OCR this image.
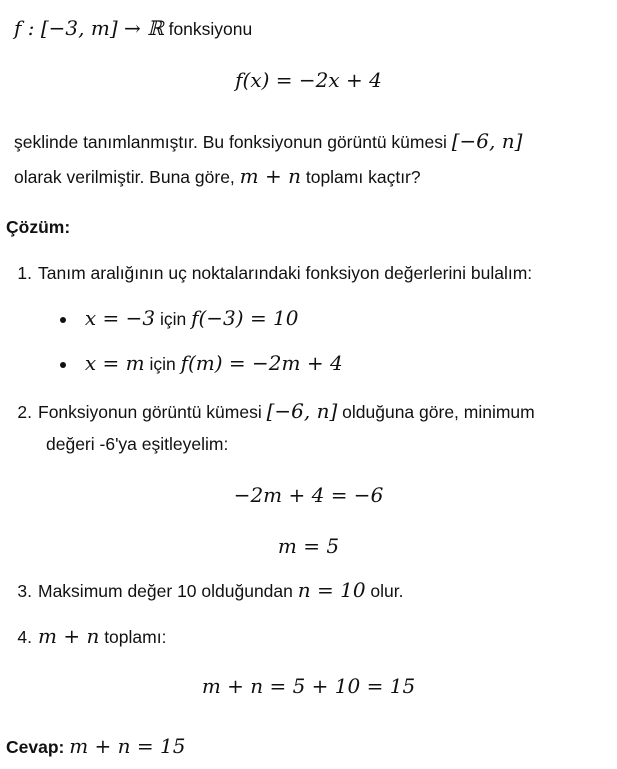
f : [−3, m] → ℝ fonksiyonu
f(x) = −2x + 4
şeklinde tanımlanmıştır. Bu fonksiyonun görüntü kümesi [−6, n]
olarak verilmiştir. Buna göre, m + n toplamı kaçtır?
Çözüm:
1. Tanım aralığının uç noktalarındaki fonksiyon değerlerini bulalım:
x = −3 için f(−3) = 10
x = m için f(m) = −2m + 4
2. Fonksiyonun görüntü kümesi [−6, n] olduğuna göre, minimum
değeri -6'ya eşitleyelim:
−2m + 4 = −6
m = 5
3. Maksimum değer 10 olduğundan n = 10 olur.
4. m + n toplamı:
m + n = 5 + 10 = 15
Cevap: m + n = 15
